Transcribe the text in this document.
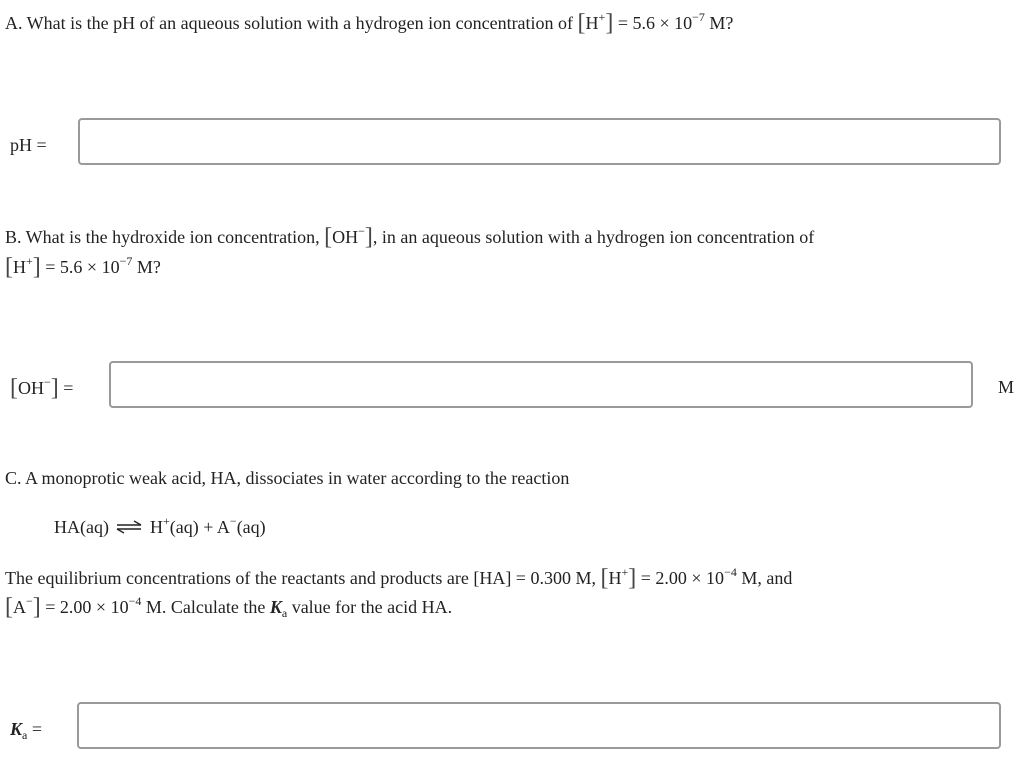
A. What is the pH of an aqueous solution with a hydrogen ion concentration of $[H^+] = 5.6 \times 10^{-7}$ M?
pH =
B. What is the hydroxide ion concentration, [OH−], in an aqueous solution with a hydrogen ion concentration of
$[H^+] = 5.6 \times 10^{-7}$ M?
[OH−] =	M
C. A monoprotic weak acid, HA, dissociates in water according to the reaction
HA(aq) ⇌ H+(aq) + A−(aq)
The equilibrium concentrations of the reactants and products are [HA] = 0.300 M, $[H^+] = 2.00 \times 10^{-4}$ M, and
$[A^-] = 2.00 \times 10^{-4}$ M. Calculate the $K_a$ value for the acid HA.
$K_a$ =
